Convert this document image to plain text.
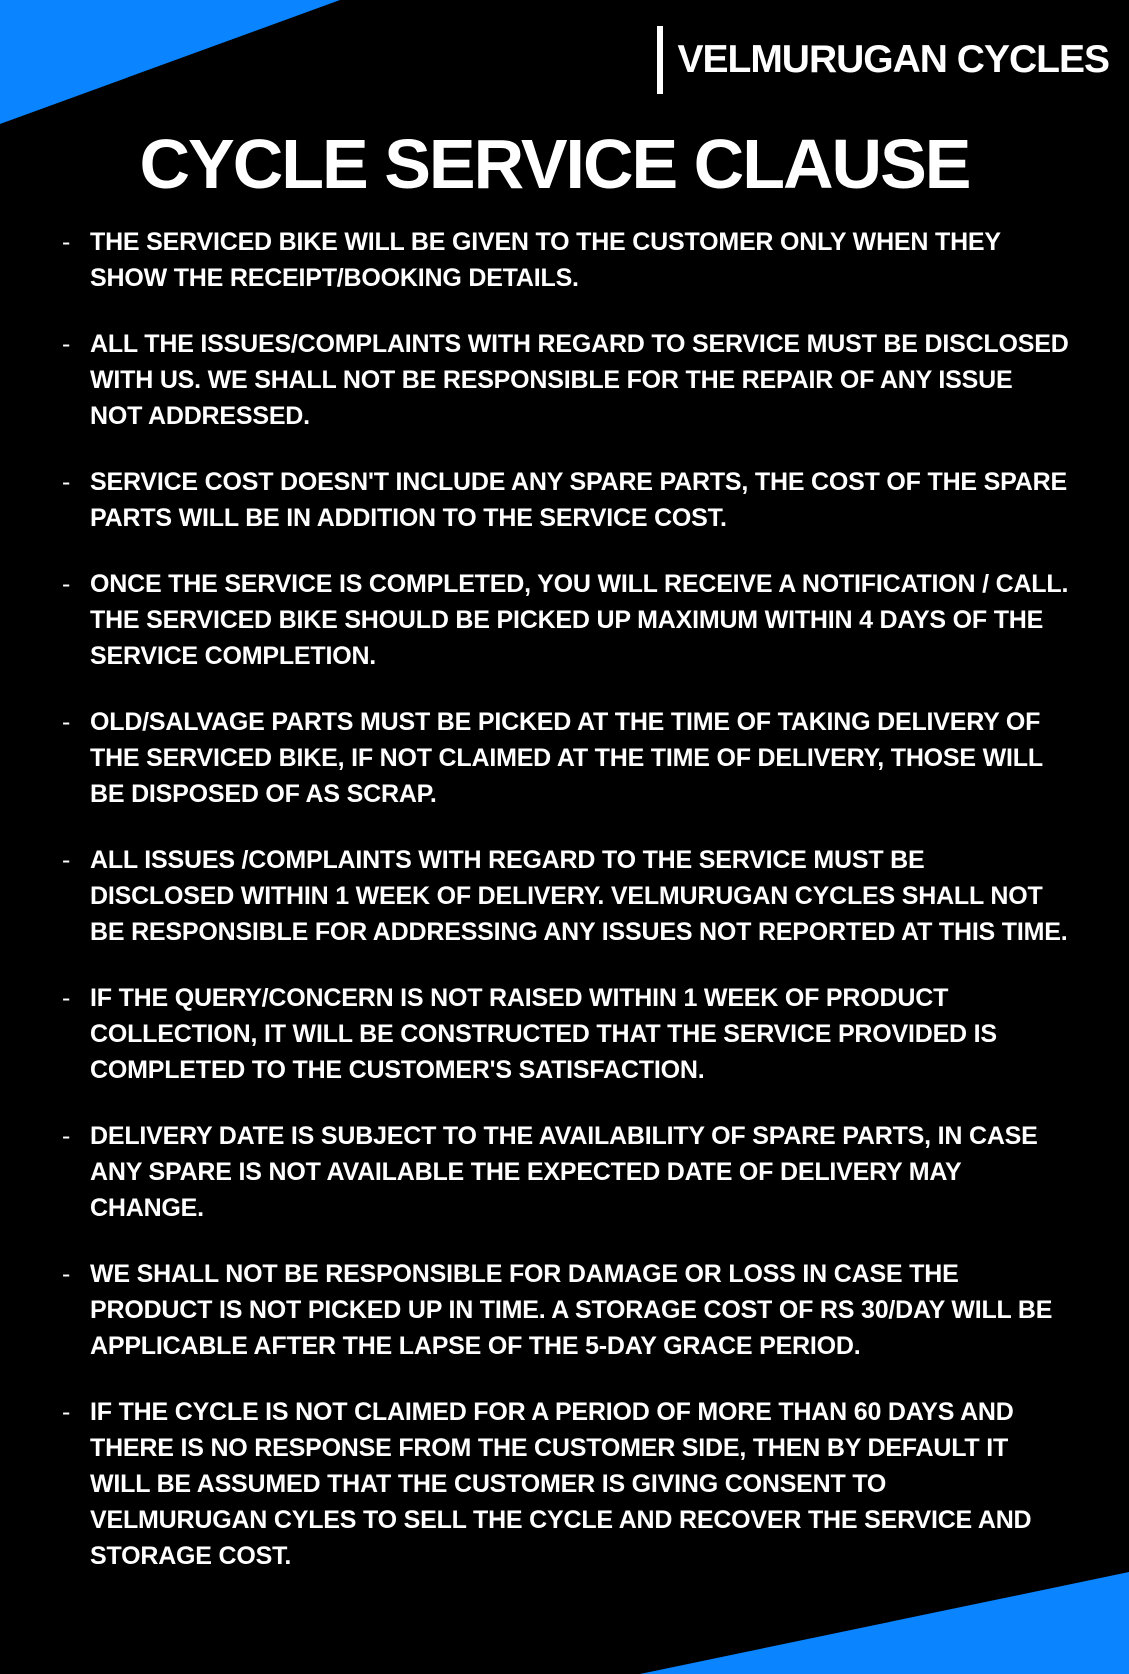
VELMURUGAN CYCLES
CYCLE SERVICE CLAUSE
- THE SERVICED BIKE WILL BE GIVEN TO THE CUSTOMER ONLY WHEN THEY SHOW THE RECEIPT/BOOKING DETAILS.
- ALL THE ISSUES/COMPLAINTS WITH REGARD TO SERVICE MUST BE DISCLOSED WITH US. WE SHALL NOT BE RESPONSIBLE FOR THE REPAIR OF ANY ISSUE NOT ADDRESSED.
- SERVICE COST DOESN'T INCLUDE ANY SPARE PARTS, THE COST OF THE SPARE PARTS WILL BE IN ADDITION TO THE SERVICE COST.
- ONCE THE SERVICE IS COMPLETED, YOU WILL RECEIVE A NOTIFICATION / CALL. THE SERVICED BIKE SHOULD BE PICKED UP MAXIMUM WITHIN 4 DAYS OF THE SERVICE COMPLETION.
- OLD/SALVAGE PARTS MUST BE PICKED AT THE TIME OF TAKING DELIVERY OF THE SERVICED BIKE, IF NOT CLAIMED AT THE TIME OF DELIVERY, THOSE WILL BE DISPOSED OF AS SCRAP.
- ALL ISSUES /COMPLAINTS WITH REGARD TO THE SERVICE MUST BE DISCLOSED WITHIN 1 WEEK OF DELIVERY. VELMURUGAN CYCLES SHALL NOT BE RESPONSIBLE FOR ADDRESSING ANY ISSUES NOT REPORTED AT THIS TIME.
- IF THE QUERY/CONCERN IS NOT RAISED WITHIN 1 WEEK OF PRODUCT COLLECTION, IT WILL BE CONSTRUCTED THAT THE SERVICE PROVIDED IS COMPLETED TO THE CUSTOMER'S SATISFACTION.
- DELIVERY DATE IS SUBJECT TO THE AVAILABILITY OF SPARE PARTS, IN CASE ANY SPARE IS NOT AVAILABLE THE EXPECTED DATE OF DELIVERY MAY CHANGE.
- WE SHALL NOT BE RESPONSIBLE FOR DAMAGE OR LOSS IN CASE THE PRODUCT IS NOT PICKED UP IN TIME. A STORAGE COST OF RS 30/DAY WILL BE APPLICABLE AFTER THE LAPSE OF THE 5-DAY GRACE PERIOD.
- IF THE CYCLE IS NOT CLAIMED FOR A PERIOD OF MORE THAN 60 DAYS AND THERE IS NO RESPONSE FROM THE CUSTOMER SIDE, THEN BY DEFAULT IT WILL BE ASSUMED THAT THE CUSTOMER IS GIVING CONSENT TO VELMURUGAN CYLES TO SELL THE CYCLE AND RECOVER THE SERVICE AND STORAGE COST.
